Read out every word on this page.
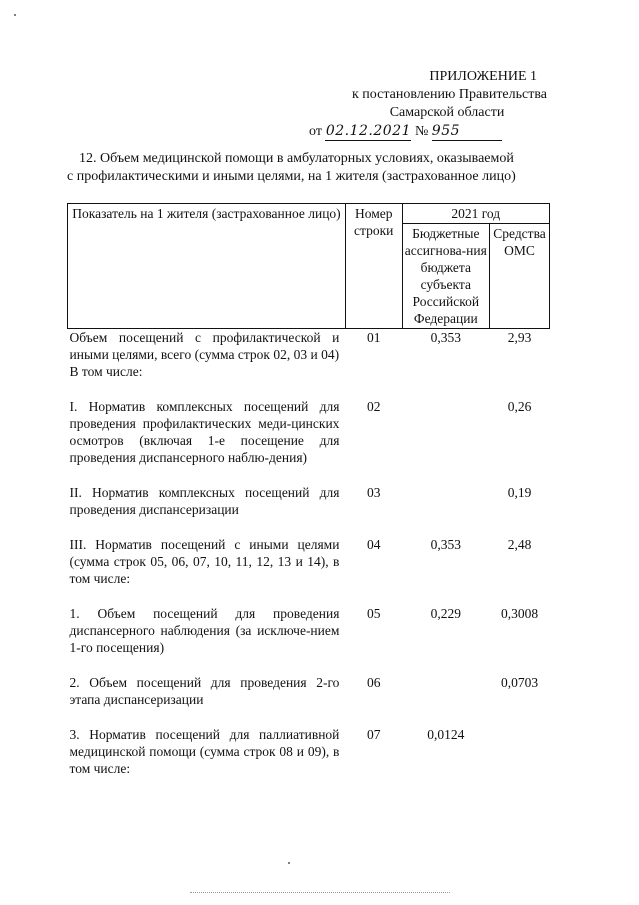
ПРИЛОЖЕНИЕ 1
к постановлению Правительства
Самарской области
от 02.12.2021 № 955
12. Объем медицинской помощи в амбулаторных условиях, оказываемой
с профилактическими и иными целями, на 1 жителя (застрахованное лицо)
Показатель на 1 жителя (застрахованное лицо)	Номер строки	2021 год	
		Бюджетные ассигнова-ния бюджета субъекта Российской Федерации	Средства ОМС

Объем посещений с профилактической и иными целями, всего (сумма строк 02, 03 и 04)
В том числе:	01	0,353	2,93

I. Норматив комплексных посещений для проведения профилактических меди-цинских осмотров (включая 1-е посещение для проведения диспансерного наблю-дения)	02		0,26

II. Норматив комплексных посещений для проведения диспансеризации	03		0,19

III. Норматив посещений с иными целями (сумма строк 05, 06, 07, 10, 11, 12, 13 и 14), в том числе:	04	0,353	2,48

1. Объем посещений для проведения диспансерного наблюдения (за исключе-нием 1-го посещения)	05	0,229	0,3008

2. Объем посещений для проведения 2-го этапа диспансеризации	06		0,0703

3. Норматив посещений для паллиативной медицинской помощи (сумма строк 08 и 09), в том числе:	07	0,0124	
